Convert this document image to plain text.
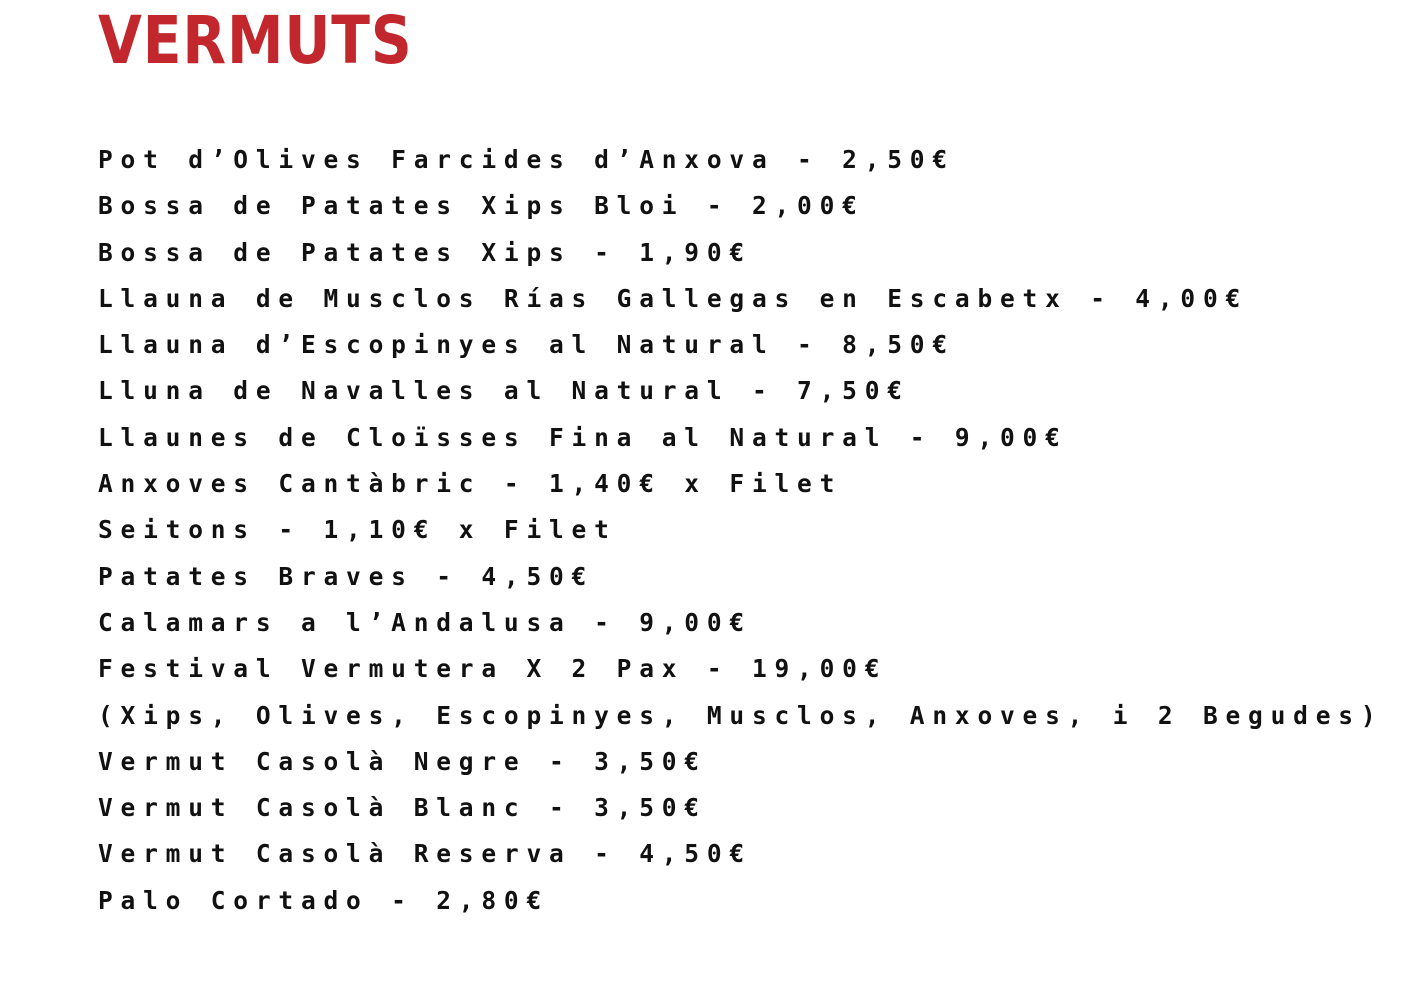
VERMUTS
Pot d’Olives Farcides d’Anxova - 2,50€
Bossa de Patates Xips Bloi - 2,00€
Bossa de Patates Xips - 1,90€
Llauna de Musclos Rías Gallegas en Escabetx - 4,00€
Llauna d’Escopinyes al Natural - 8,50€
Lluna de Navalles al Natural - 7,50€
Llaunes de Cloïsses Fina al Natural - 9,00€
Anxoves Cantàbric - 1,40€ x Filet
Seitons - 1,10€ x Filet
Patates Braves - 4,50€
Calamars a l’Andalusa - 9,00€
Festival Vermutera X 2 Pax - 19,00€
(Xips, Olives, Escopinyes, Musclos, Anxoves, i 2 Begudes)
Vermut Casolà Negre - 3,50€
Vermut Casolà Blanc - 3,50€
Vermut Casolà Reserva - 4,50€
Palo Cortado - 2,80€
